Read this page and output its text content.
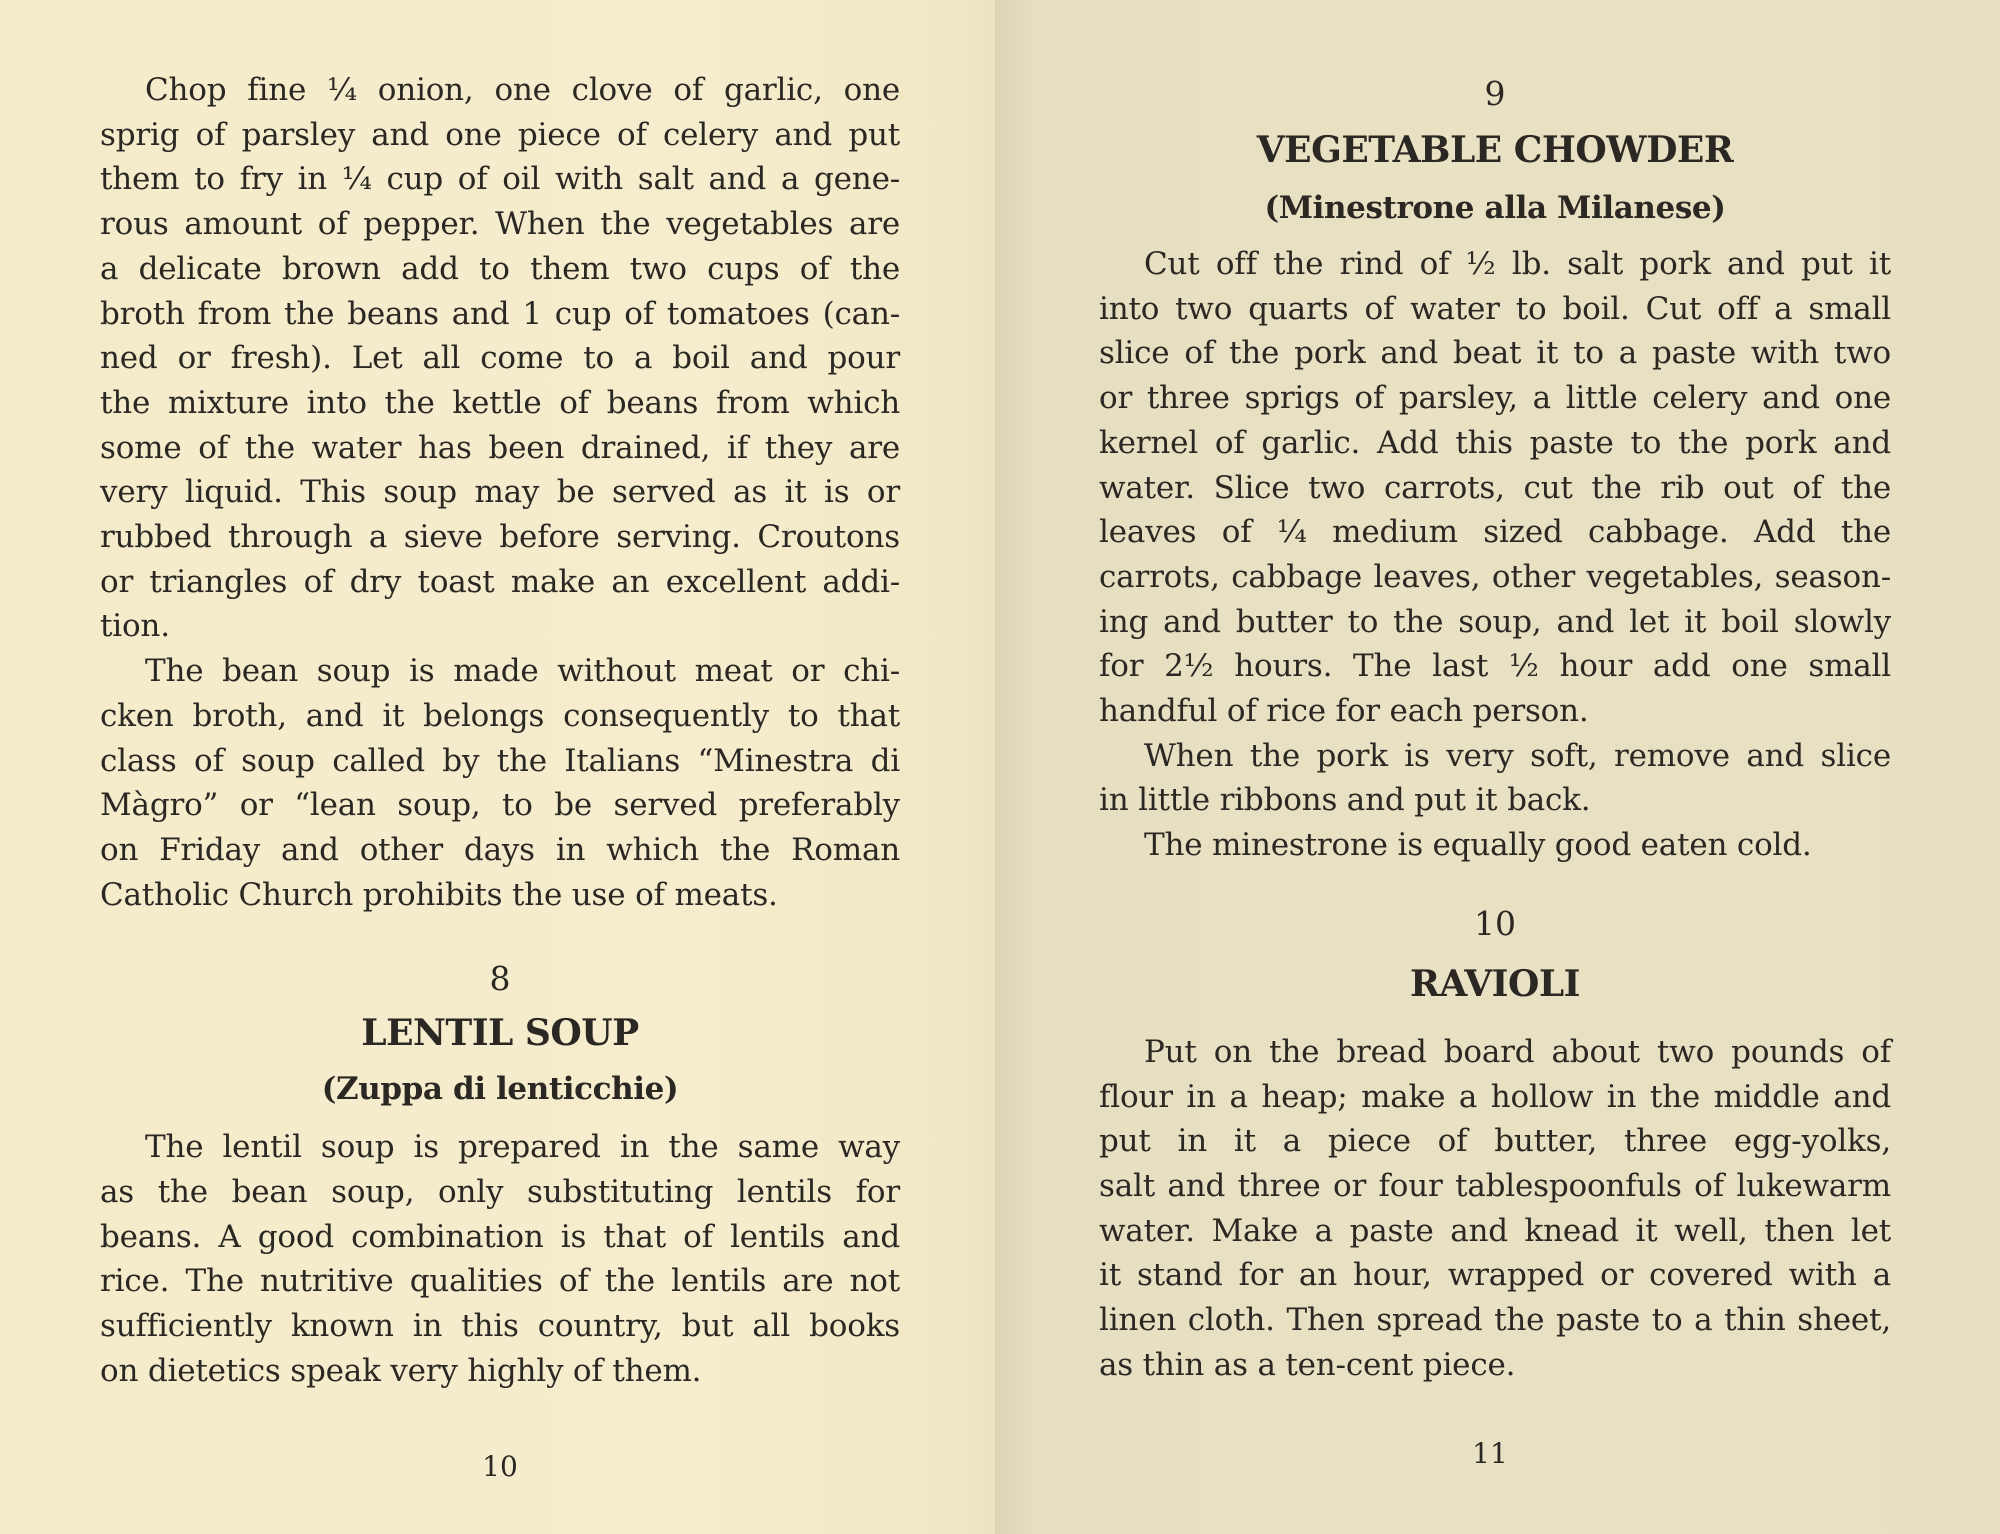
Chop fine ¼ onion, one clove of garlic, one
sprig of parsley and one piece of celery and put
them to fry in ¼ cup of oil with salt and a gene-
rous amount of pepper. When the vegetables are
a delicate brown add to them two cups of the
broth from the beans and 1 cup of tomatoes (can-
ned or fresh). Let all come to a boil and pour
the mixture into the kettle of beans from which
some of the water has been drained, if they are
very liquid. This soup may be served as it is or
rubbed through a sieve before serving. Croutons
or triangles of dry toast make an excellent addi-
tion.
The bean soup is made without meat or chi-
cken broth, and it belongs consequently to that
class of soup called by the Italians “Minestra di
Màgro” or “lean soup, to be served preferably
on Friday and other days in which the Roman
Catholic Church prohibits the use of meats.

8

LENTIL SOUP

(Zuppa di lenticchie)

The lentil soup is prepared in the same way
as the bean soup, only substituting lentils for
beans. A good combination is that of lentils and
rice. The nutritive qualities of the lentils are not
sufficiently known in this country, but all books
on dietetics speak very highly of them.
10

9

VEGETABLE CHOWDER

(Minestrone alla Milanese)

Cut off the rind of ½ lb. salt pork and put it
into two quarts of water to boil. Cut off a small
slice of the pork and beat it to a paste with two
or three sprigs of parsley, a little celery and one
kernel of garlic. Add this paste to the pork and
water. Slice two carrots, cut the rib out of the
leaves of ¼ medium sized cabbage. Add the
carrots, cabbage leaves, other vegetables, season-
ing and butter to the soup, and let it boil slowly
for 2½ hours. The last ½ hour add one small
handful of rice for each person.
When the pork is very soft, remove and slice
in little ribbons and put it back.
The minestrone is equally good eaten cold.

10

RAVIOLI

Put on the bread board about two pounds of
flour in a heap; make a hollow in the middle and
put in it a piece of butter, three egg-yolks,
salt and three or four tablespoonfuls of lukewarm
water. Make a paste and knead it well, then let
it stand for an hour, wrapped or covered with a
linen cloth. Then spread the paste to a thin sheet,
as thin as a ten-cent piece.
11
